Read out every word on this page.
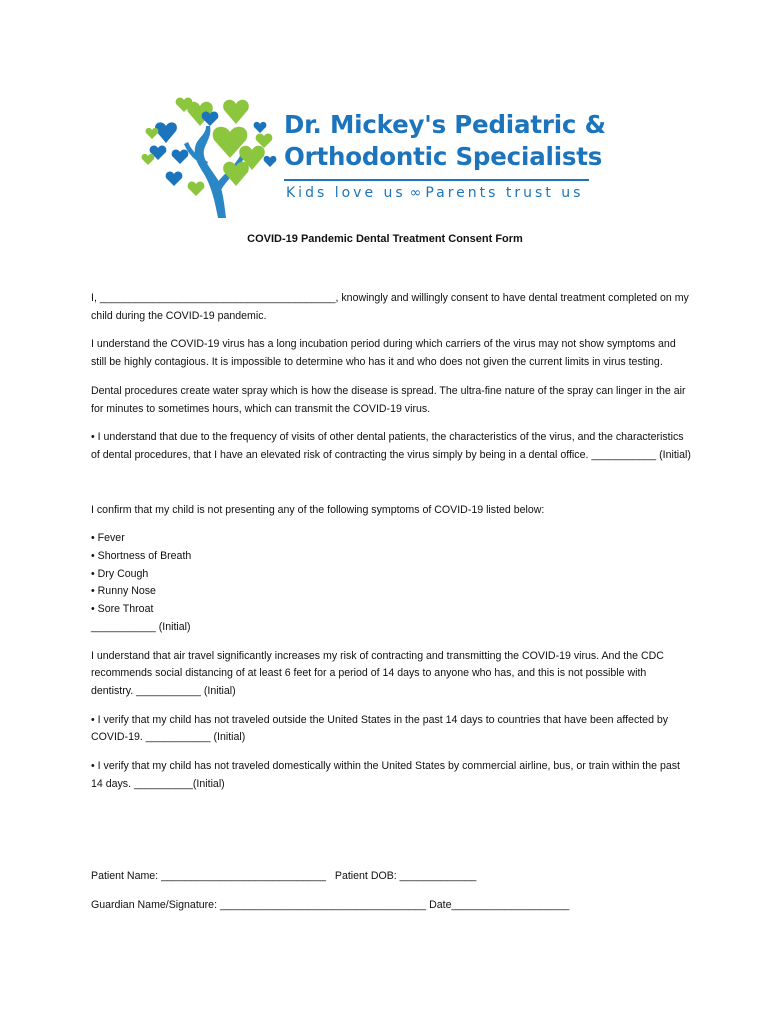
Dr. Mickey's Pediatric &
Orthodontic Specialists
Kids love us ∞ Parents trust us
COVID-19 Pandemic Dental Treatment Consent Form

I, ________________________________________, knowingly and willingly consent to have dental treatment completed on my child during the COVID-19 pandemic.

I understand the COVID-19 virus has a long incubation period during which carriers of the virus may not show symptoms and still be highly contagious. It is impossible to determine who has it and who does not given the current limits in virus testing.

Dental procedures create water spray which is how the disease is spread. The ultra-fine nature of the spray can linger in the air for minutes to sometimes hours, which can transmit the COVID-19 virus.

• I understand that due to the frequency of visits of other dental patients, the characteristics of the virus, and the characteristics of dental procedures, that I have an elevated risk of contracting the virus simply by being in a dental office. ___________ (Initial)

I confirm that my child is not presenting any of the following symptoms of COVID-19 listed below:

• Fever
• Shortness of Breath
• Dry Cough
• Runny Nose
• Sore Throat
___________ (Initial)

I understand that air travel significantly increases my risk of contracting and transmitting the COVID-19 virus. And the CDC recommends social distancing of at least 6 feet for a period of 14 days to anyone who has, and this is not possible with dentistry. ___________ (Initial)

• I verify that my child has not traveled outside the United States in the past 14 days to countries that have been affected by COVID-19. ___________ (Initial)

• I verify that my child has not traveled domestically within the United States by commercial airline, bus, or train within the past 14 days. __________(Initial)

Patient Name: ____________________________ Patient DOB: _____________
Guardian Name/Signature: ___________________________________ Date____________________
